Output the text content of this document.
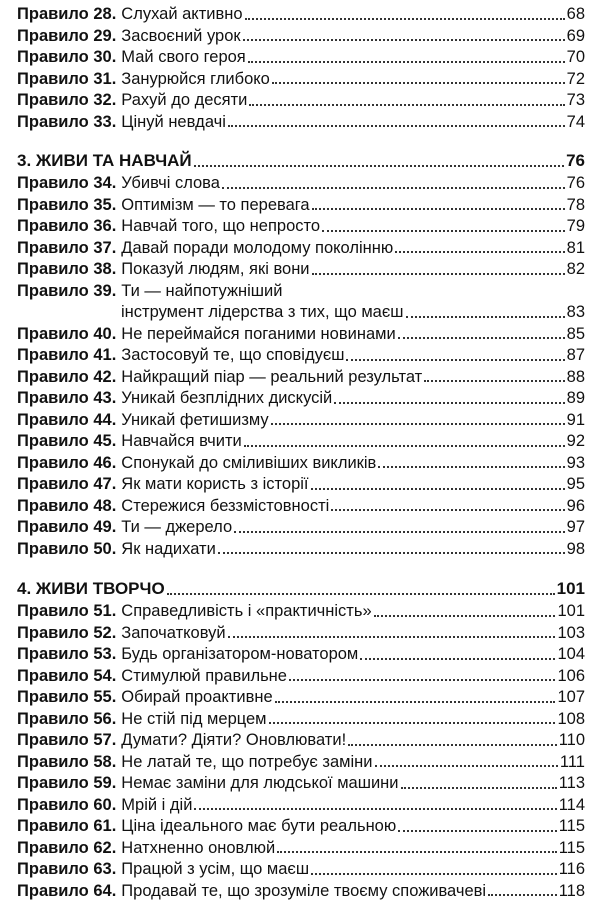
Правило 28. Слухай активно	68
Правило 29. Засвоєний урок	69
Правило 30. Май свого героя	70
Правило 31. Занурюйся глибоко	72
Правило 32. Рахуй до десяти	73
Правило 33. Цінуй невдачі	74
3. ЖИВИ ТА НАВЧАЙ	76
Правило 34. Убивчі слова	76
Правило 35. Оптимізм — то перевага	78
Правило 36. Навчай того, що непросто	79
Правило 37. Давай поради молодому поколінню	81
Правило 38. Показуй людям, які вони	82
Правило 39. Ти — найпотужніший
інструмент лідерства з тих, що маєш	83
Правило 40. Не переймайся поганими новинами	85
Правило 41. Застосовуй те, що сповідуєш	87
Правило 42. Найкращий піар — реальний результат	88
Правило 43. Уникай безплідних дискусій	89
Правило 44. Уникай фетишизму	91
Правило 45. Навчайся вчити	92
Правило 46. Спонукай до сміливіших викликів	93
Правило 47. Як мати користь з історії	95
Правило 48. Стережися беззмістовності	96
Правило 49. Ти — джерело	97
Правило 50. Як надихати	98
4. ЖИВИ ТВОРЧО	101
Правило 51. Справедливість і «практичність»	101
Правило 52. Започатковуй	103
Правило 53. Будь організатором-новатором	104
Правило 54. Стимулюй правильне	106
Правило 55. Обирай проактивне	107
Правило 56. Не стій під мерцем	108
Правило 57. Думати? Діяти? Оновлювати!	110
Правило 58. Не латай те, що потребує заміни	111
Правило 59. Немає заміни для людської машини	113
Правило 60. Мрій і дій	114
Правило 61. Ціна ідеального має бути реальною	115
Правило 62. Натхненно оновлюй	115
Правило 63. Працюй з усім, що маєш	116
Правило 64. Продавай те, що зрозуміле твоєму споживачеві	118
